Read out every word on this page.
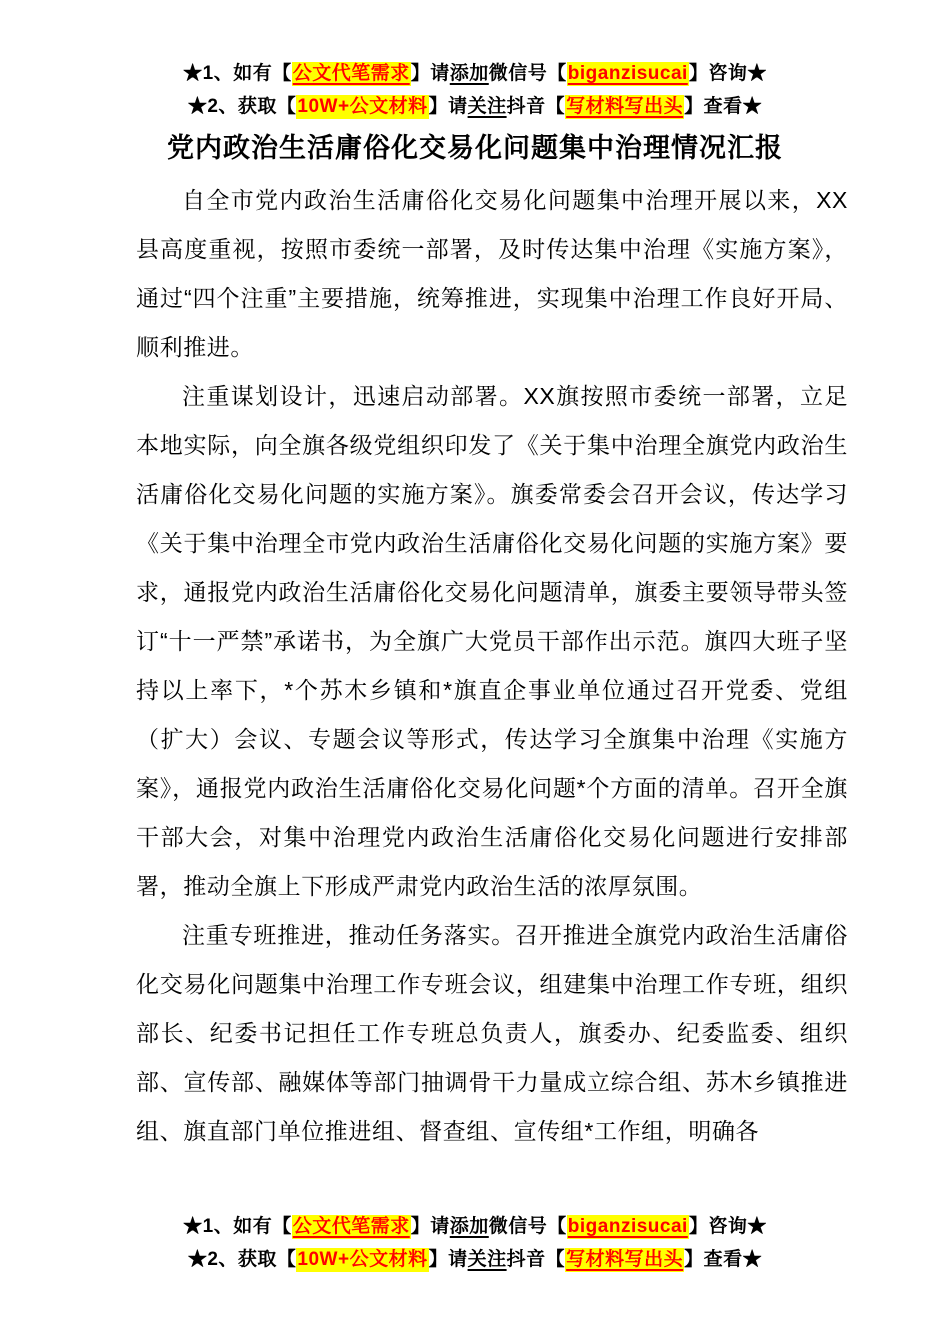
★1、如有【公文代笔需求】请添加微信号【biganzisucai】咨询★
★2、获取【10W+公文材料】请关注抖音【写材料写出头】查看★
党内政治生活庸俗化交易化问题集中治理情况汇报

自全市党内政治生活庸俗化交易化问题集中治理开展以来，XX县高度重视，按照市委统一部署，及时传达集中治理《实施方案》，通过“四个注重”主要措施，统筹推进，实现集中治理工作良好开局、顺利推进。

注重谋划设计，迅速启动部署。XX旗按照市委统一部署，立足本地实际，向全旗各级党组织印发了《关于集中治理全旗党内政治生活庸俗化交易化问题的实施方案》。旗委常委会召开会议，传达学习《关于集中治理全市党内政治生活庸俗化交易化问题的实施方案》要求，通报党内政治生活庸俗化交易化问题清单，旗委主要领导带头签订“十一严禁”承诺书，为全旗广大党员干部作出示范。旗四大班子坚持以上率下，*个苏木乡镇和*旗直企事业单位通过召开党委、党组（扩大）会议、专题会议等形式，传达学习全旗集中治理《实施方案》，通报党内政治生活庸俗化交易化问题*个方面的清单。召开全旗干部大会，对集中治理党内政治生活庸俗化交易化问题进行安排部署，推动全旗上下形成严肃党内政治生活的浓厚氛围。

注重专班推进，推动任务落实。召开推进全旗党内政治生活庸俗化交易化问题集中治理工作专班会议，组建集中治理工作专班，组织部长、纪委书记担任工作专班总负责人，旗委办、纪委监委、组织部、宣传部、融媒体等部门抽调骨干力量成立综合组、苏木乡镇推进组、旗直部门单位推进组、督查组、宣传组*工作组，明确各

★1、如有【公文代笔需求】请添加微信号【biganzisucai】咨询★
★2、获取【10W+公文材料】请关注抖音【写材料写出头】查看★
